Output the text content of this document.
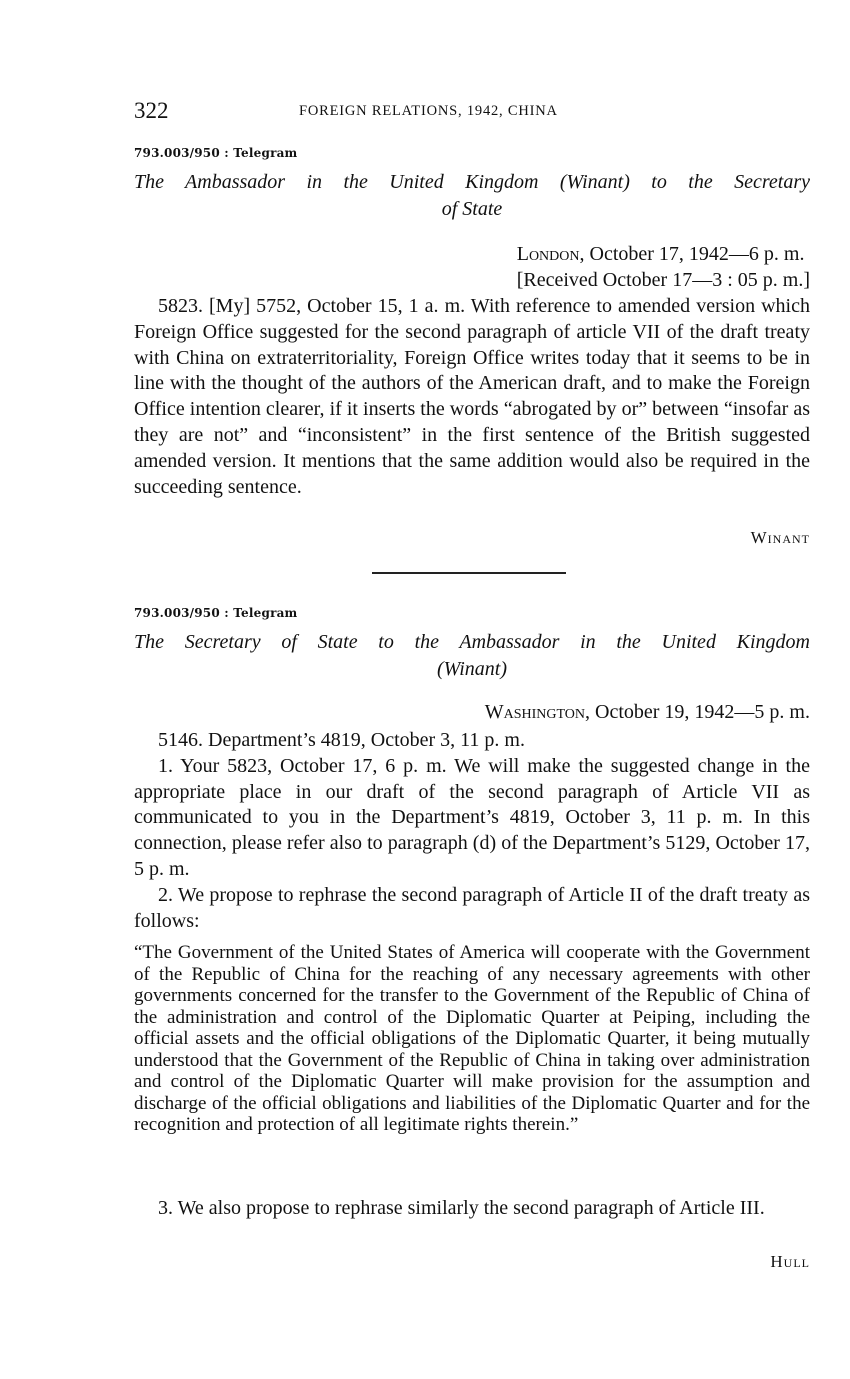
322	FOREIGN RELATIONS, 1942, CHINA
793.003/950 : Telegram
The Ambassador in the United Kingdom (Winant) to the Secretary
of State
London, October 17, 1942—6 p. m.
[Received October 17—3 : 05 p. m.]

5823. [My] 5752, October 15, 1 a. m. With reference to amended version which Foreign Office suggested for the second paragraph of article VII of the draft treaty with China on extraterritoriality, Foreign Office writes today that it seems to be in line with the thought of the authors of the American draft, and to make the Foreign Office intention clearer, if it inserts the words “abrogated by or” between “insofar as they are not” and “inconsistent” in the first sentence of the British suggested amended version. It mentions that the same addition would also be required in the succeeding sentence.

Winant
793.003/950 : Telegram
The Secretary of State to the Ambassador in the United Kingdom
(Winant)
Washington, October 19, 1942—5 p. m.

5146. Department’s 4819, October 3, 11 p. m.

1. Your 5823, October 17, 6 p. m. We will make the suggested change in the appropriate place in our draft of the second paragraph of Article VII as communicated to you in the Department’s 4819, October 3, 11 p. m. In this connection, please refer also to paragraph (d) of the Department’s 5129, October 17, 5 p. m.

2. We propose to rephrase the second paragraph of Article II of the draft treaty as follows:

“The Government of the United States of America will cooperate with the Government of the Republic of China for the reaching of any necessary agreements with other governments concerned for the transfer to the Government of the Republic of China of the administration and control of the Diplomatic Quarter at Peiping, including the official assets and the official obligations of the Diplomatic Quarter, it being mutually understood that the Government of the Republic of China in taking over administration and control of the Diplomatic Quarter will make provision for the assumption and discharge of the official obligations and liabilities of the Diplomatic Quarter and for the recognition and protection of all legitimate rights therein.”

3. We also propose to rephrase similarly the second paragraph of Article III.

Hull
